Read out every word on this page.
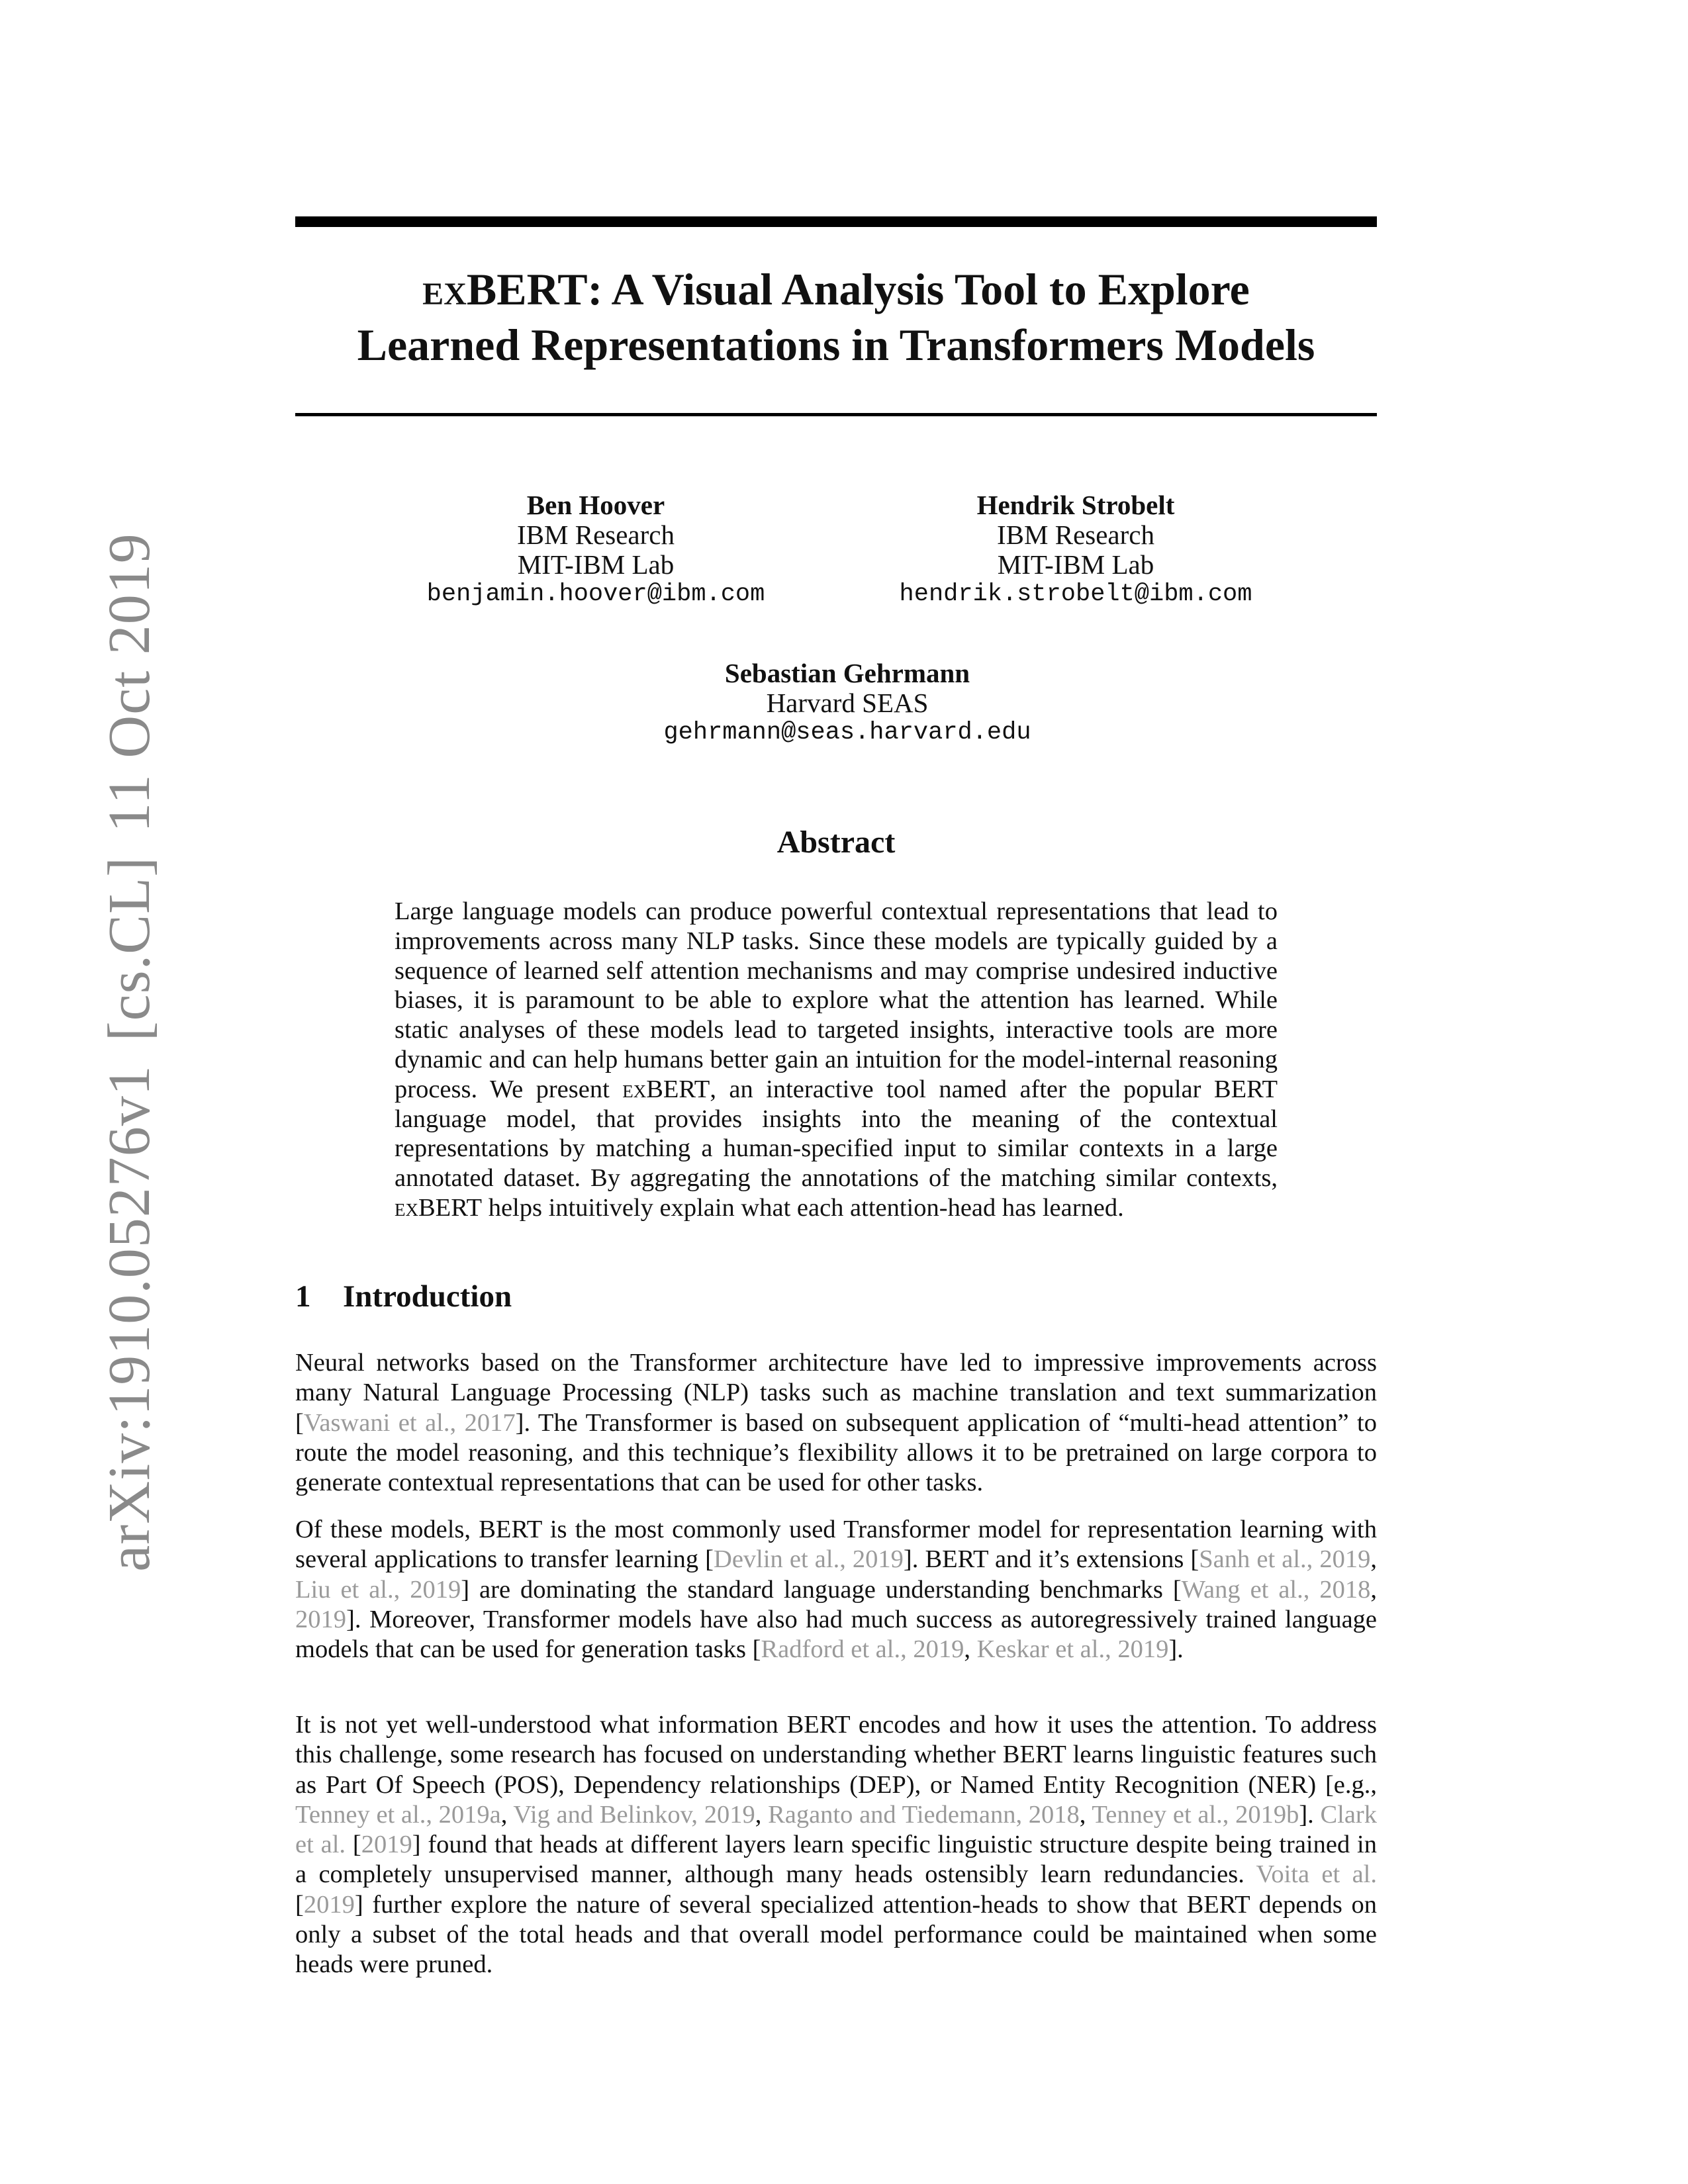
arXiv:1910.05276v1
[cs.CL]
11 Oct 2019
exBERT: A Visual Analysis Tool to Explore
Learned Representations in Transformers Models
Ben Hoover
IBM Research
MIT-IBM Lab
benjamin.hoover@ibm.com
Hendrik Strobelt
IBM Research
MIT-IBM Lab
hendrik.strobelt@ibm.com
Sebastian Gehrmann
Harvard SEAS
gehrmann@seas.harvard.edu
Abstract

Large language models can produce powerful contextual representations that lead to improvements across many NLP tasks. Since these models are typically guided by a sequence of learned self attention mechanisms and may comprise undesired inductive biases, it is paramount to be able to explore what the attention has learned. While static analyses of these models lead to targeted insights, interactive tools are more dynamic and can help humans better gain an intuition for the model-internal reasoning process. We present exBERT, an interactive tool named after the popular BERT language model, that provides insights into the meaning of the contextual representations by matching a human-specified input to similar contexts in a large annotated dataset. By aggregating the annotations of the matching similar contexts, exBERT helps intuitively explain what each attention-head has learned.

1 Introduction

Neural networks based on the Transformer architecture have led to impressive improvements across many Natural Language Processing (NLP) tasks such as machine translation and text summarization [Vaswani et al., 2017]. The Transformer is based on subsequent application of “multi-head attention” to route the model reasoning, and this technique’s flexibility allows it to be pretrained on large corpora to generate contextual representations that can be used for other tasks.

Of these models, BERT is the most commonly used Transformer model for representation learning with several applications to transfer learning [Devlin et al., 2019]. BERT and it’s extensions [Sanh et al., 2019, Liu et al., 2019] are dominating the standard language understanding benchmarks [Wang et al., 2018, 2019]. Moreover, Transformer models have also had much success as autoregressively trained language models that can be used for generation tasks [Radford et al., 2019, Keskar et al., 2019].

It is not yet well-understood what information BERT encodes and how it uses the attention. To address this challenge, some research has focused on understanding whether BERT learns linguistic features such as Part Of Speech (POS), Dependency relationships (DEP), or Named Entity Recognition (NER) [e.g., Tenney et al., 2019a, Vig and Belinkov, 2019, Raganto and Tiedemann, 2018, Tenney et al., 2019b]. Clark et al. [2019] found that heads at different layers learn specific linguistic structure despite being trained in a completely unsupervised manner, although many heads ostensibly learn redundancies. Voita et al. [2019] further explore the nature of several specialized attention-heads to show that BERT depends on only a subset of the total heads and that overall model performance could be maintained when some heads were pruned.
